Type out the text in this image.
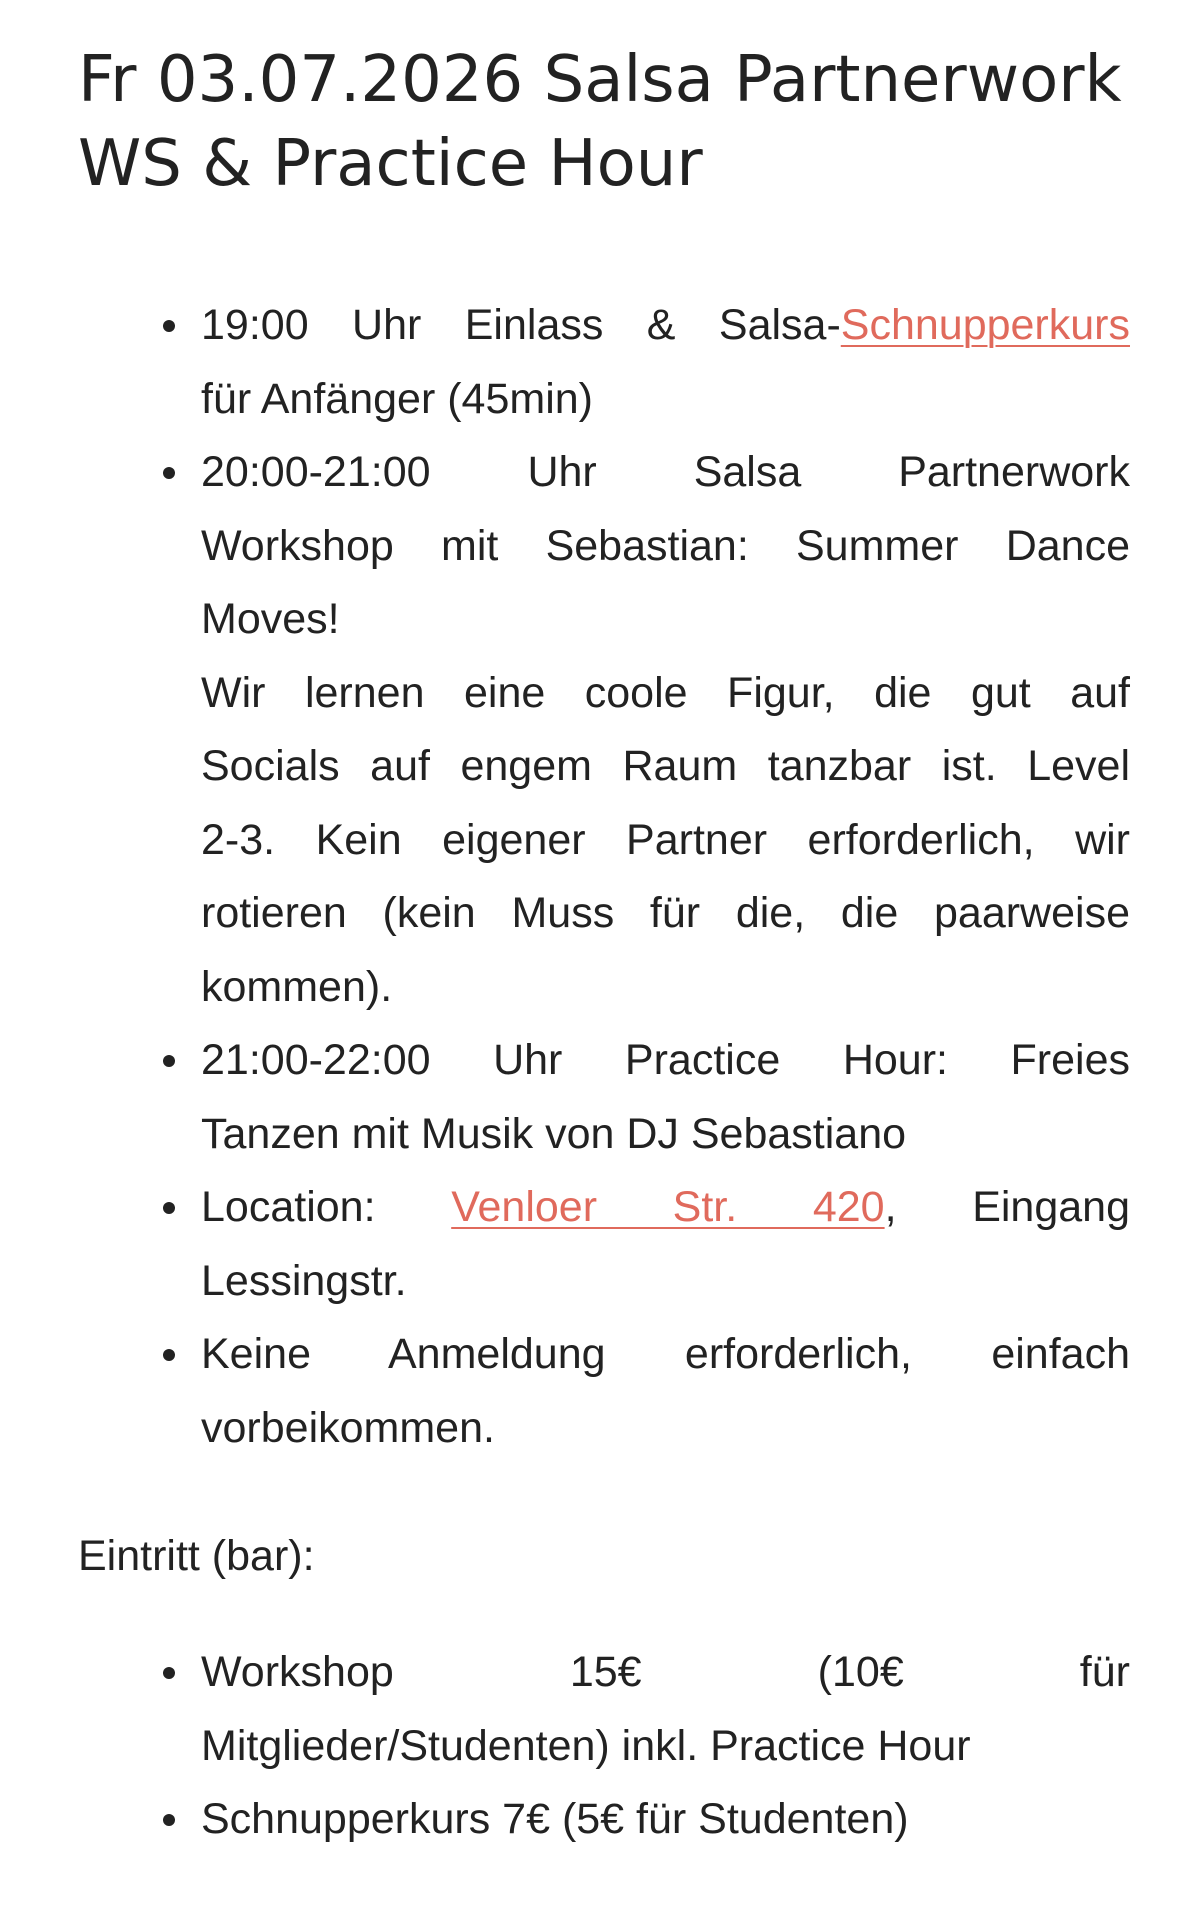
Fr 03.07.2026 Salsa Partnerwork
WS & Practice Hour
19:00 Uhr Einlass & Salsa-Schnupperkurs
für Anfänger (45min)
20:00-21:00 Uhr Salsa Partnerwork
Workshop mit Sebastian: Summer Dance
Moves!
Wir lernen eine coole Figur, die gut auf
Socials auf engem Raum tanzbar ist. Level
2-3. Kein eigener Partner erforderlich, wir
rotieren (kein Muss für die, die paarweise
kommen).
21:00-22:00 Uhr Practice Hour: Freies
Tanzen mit Musik von DJ Sebastiano
Location: Venloer Str. 420, Eingang
Lessingstr.
Keine Anmeldung erforderlich, einfach
vorbeikommen.

Eintritt (bar):

Workshop 15€ (10€ für
Mitglieder/Studenten) inkl. Practice Hour
Schnupperkurs 7€ (5€ für Studenten)
